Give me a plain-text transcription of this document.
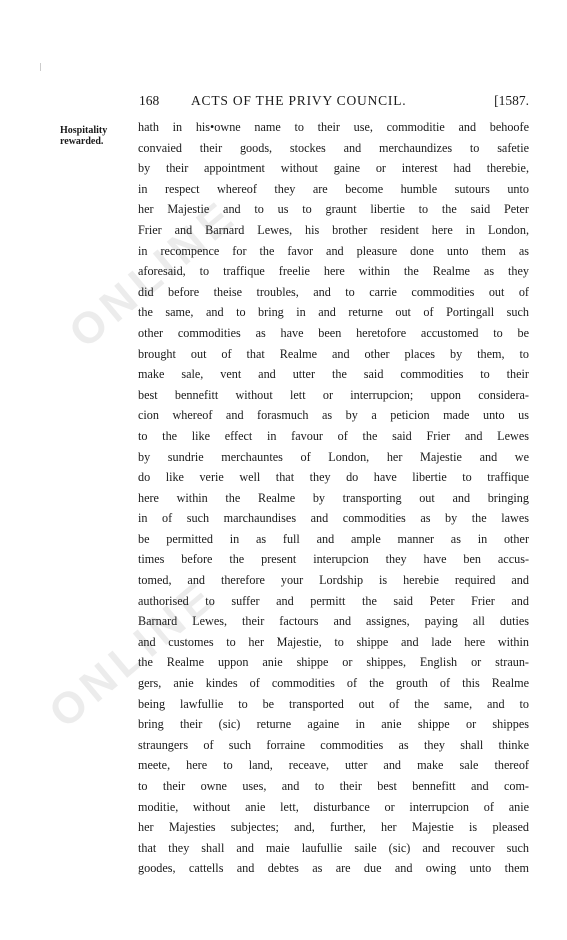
ONLINE
ONLINE
168 ACTS OF THE PRIVY COUNCIL.	[1587.
Hospitality rewarded.
hath in his•owne name to their use, commoditie and behoofe
convaied their goods, stockes and merchaundizes to safetie
by their appointment without gaine or interest had therebie,
in respect whereof they are become humble sutours unto
her Majestie and to us to graunt libertie to the said Peter
Frier and Barnard Lewes, his brother resident here in London,
in recompence for the favor and pleasure done unto them as
aforesaid, to traffique freelie here within the Realme as they
did before theise troubles, and to carrie commodities out of
the same, and to bring in and returne out of Portingall such
other commodities as have been heretofore accustomed to be
brought out of that Realme and other places by them, to
make sale, vent and utter the said commodities to their
best bennefitt without lett or interrupcion; uppon considera-
cion whereof and forasmuch as by a peticion made unto us
to the like effect in favour of the said Frier and Lewes
by sundrie merchauntes of London, her Majestie and we
do like verie well that they do have libertie to traffique
here within the Realme by transporting out and bringing
in of such marchaundises and commodities as by the lawes
be permitted in as full and ample manner as in other
times before the present interupcion they have ben accus-
tomed, and therefore your Lordship is herebie required and
authorised to suffer and permitt the said Peter Frier and
Barnard Lewes, their factours and assignes, paying all duties
and customes to her Majestie, to shippe and lade here within
the Realme uppon anie shippe or shippes, English or straun-
gers, anie kindes of commodities of the grouth of this Realme
being lawfullie to be transported out of the same, and to
bring their (sic) returne againe in anie shippe or shippes
straungers of such forraine commodities as they shall thinke
meete, here to land, receave, utter and make sale thereof
to their owne uses, and to their best bennefitt and com-
moditie, without anie lett, disturbance or interrupcion of anie
her Majesties subjectes; and, further, her Majestie is pleased
that they shall and maie laufullie saile (sic) and recouver such
goodes, cattells and debtes as are due and owing unto them
